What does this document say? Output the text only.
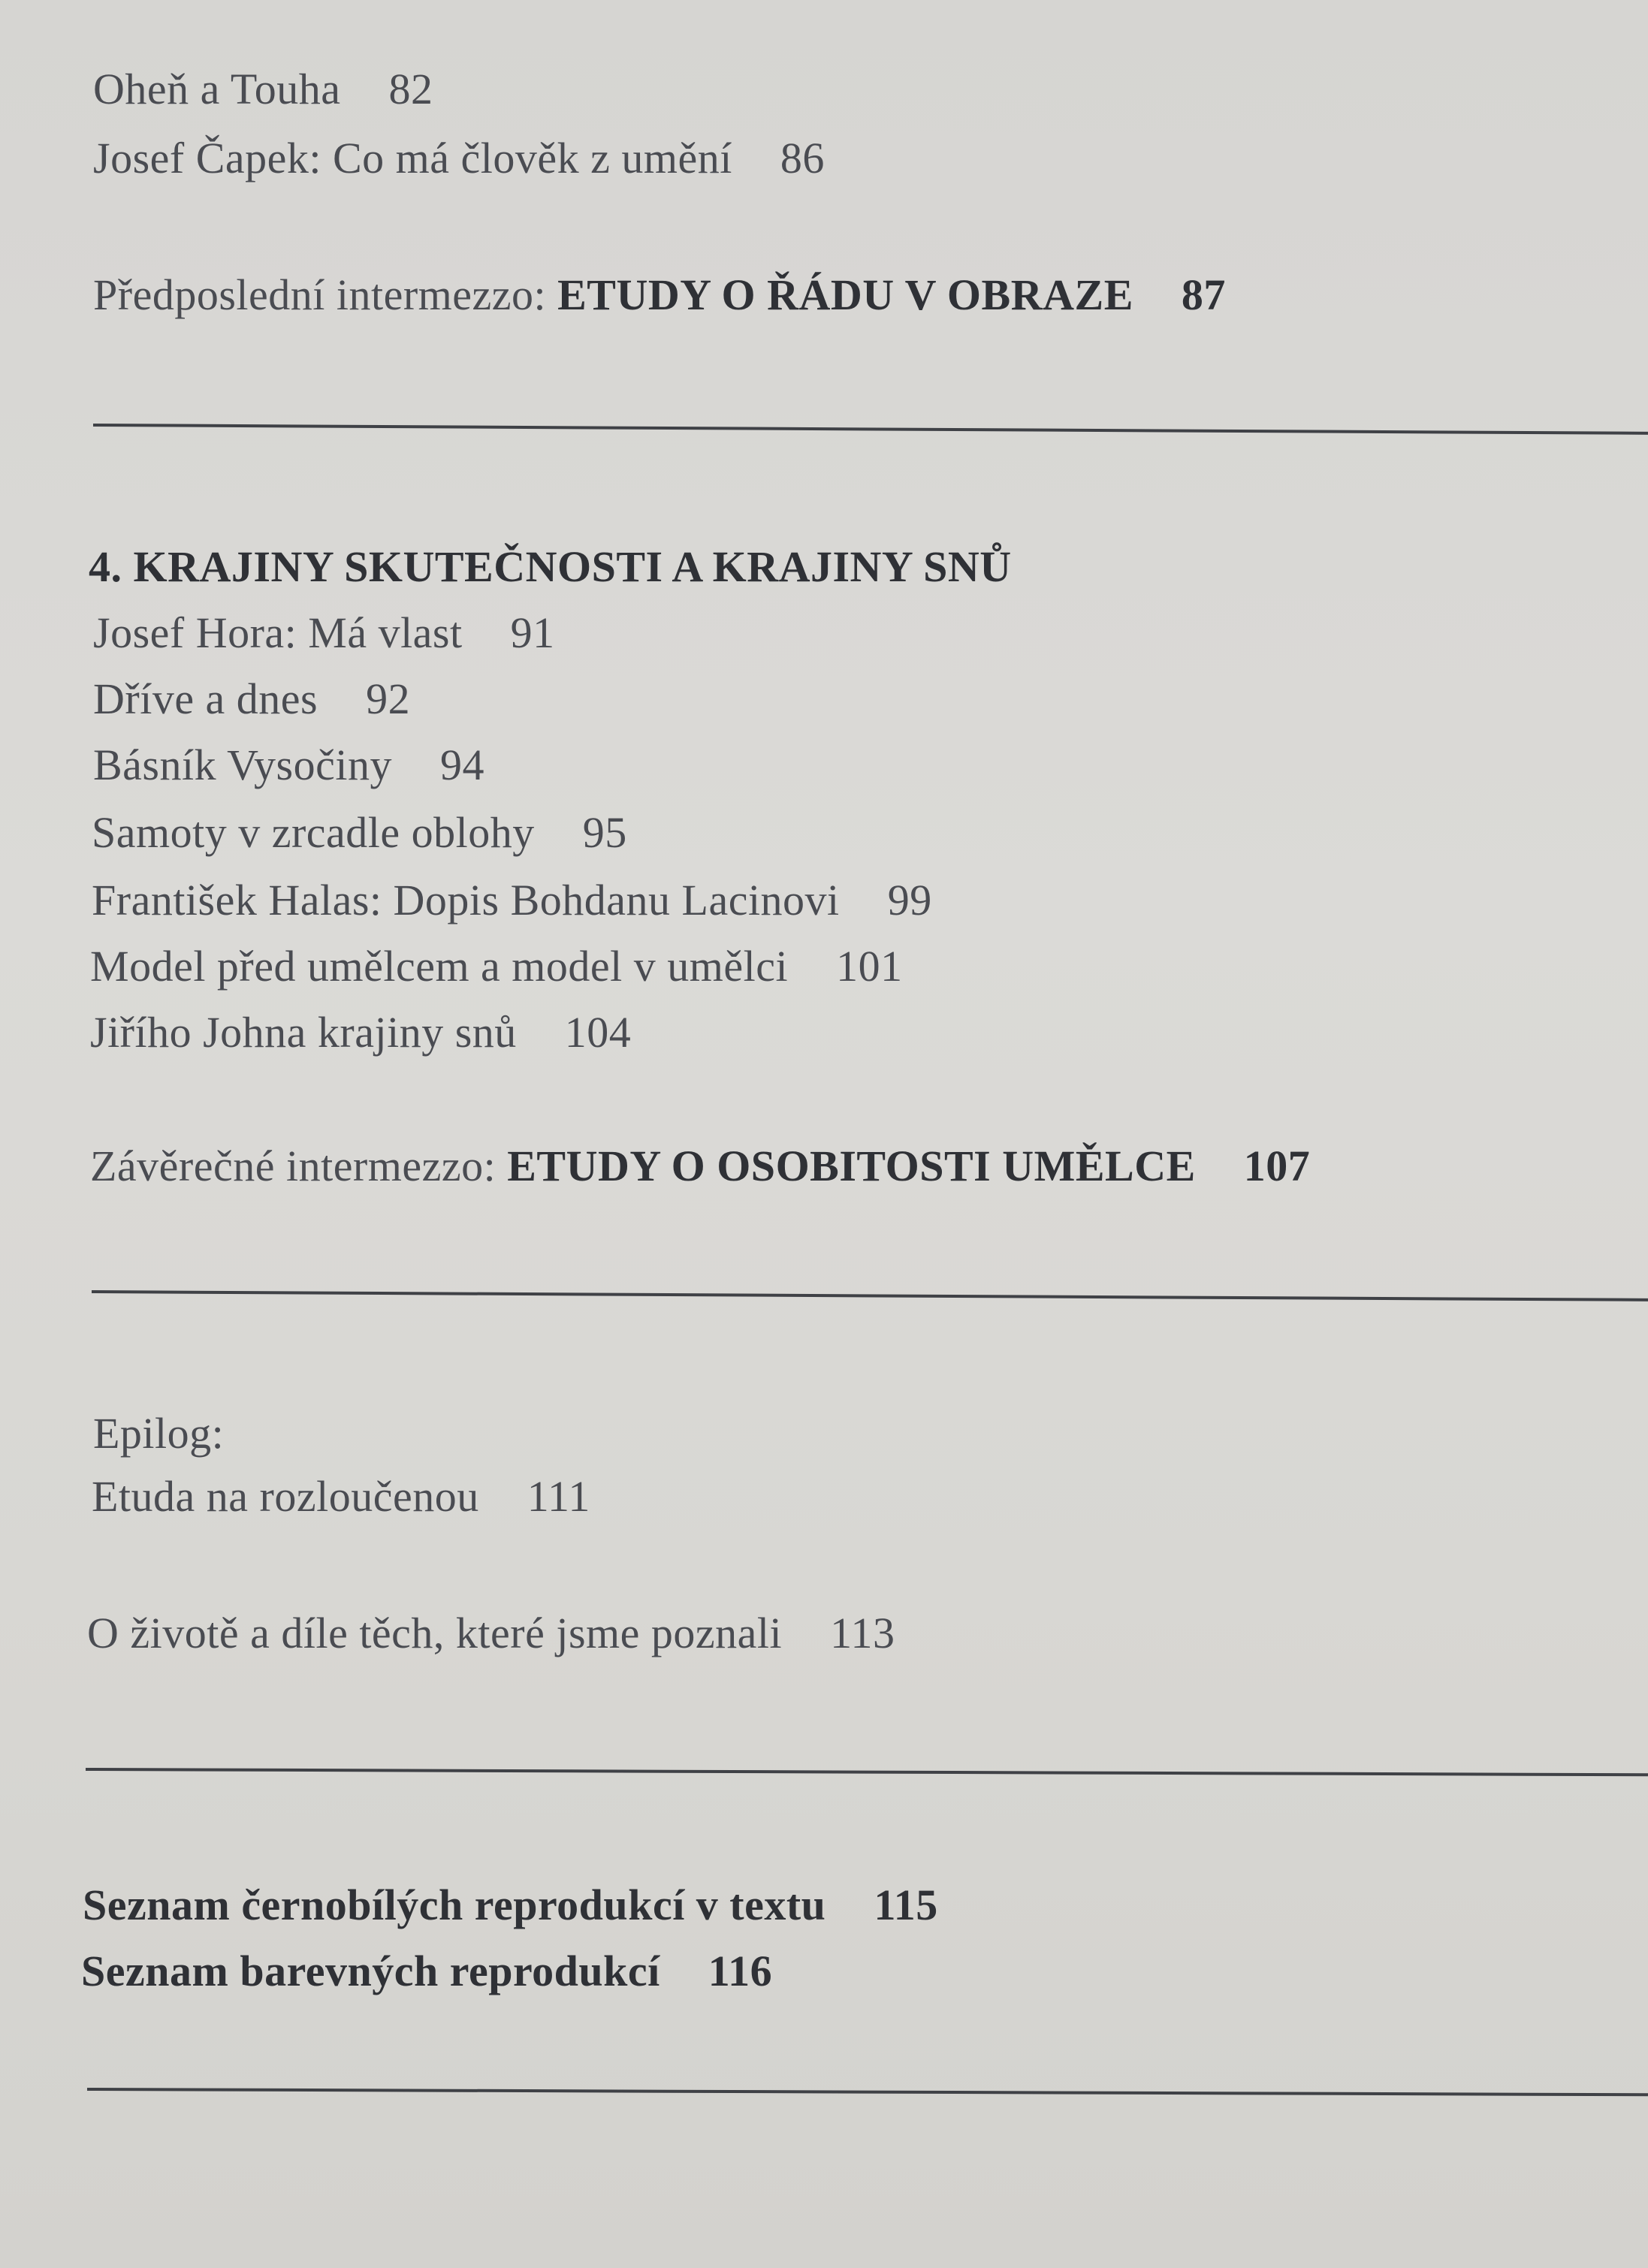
Oheň a Touha 82
Josef Čapek: Co má člověk z umění 86
Předposlední intermezzo: ETUDY O ŘÁDU V OBRAZE 87
4. KRAJINY SKUTEČNOSTI A KRAJINY SNŮ
Josef Hora: Má vlast 91
Dříve a dnes 92
Básník Vysočiny 94
Samoty v zrcadle oblohy 95
František Halas: Dopis Bohdanu Lacinovi 99
Model před umělcem a model v umělci 101
Jiřího Johna krajiny snů 104
Závěrečné intermezzo: ETUDY O OSOBITOSTI UMĚLCE 107
Epilog:
Etuda na rozloučenou 111
O životě a díle těch, které jsme poznali 113
Seznam černobílých reprodukcí v textu 115
Seznam barevných reprodukcí 116
